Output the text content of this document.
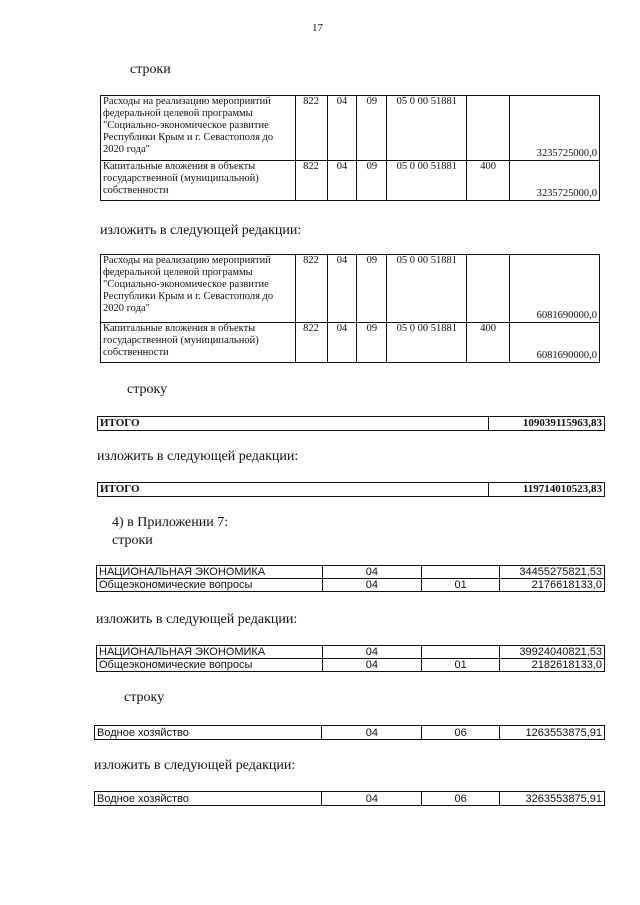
17
строки
Расходы на реализацию мероприятий федеральной целевой программы "Социально-экономическое развитие Республики Крым и г. Севастополя до 2020 года"	822	04	09	05 0 00 51881		3235725000,0
Капитальные вложения в объекты государственной (муниципальной) собственности	822	04	09	05 0 00 51881	400	3235725000,0
изложить в следующей редакции:
Расходы на реализацию мероприятий федеральной целевой программы "Социально-экономическое развитие Республики Крым и г. Севастополя до 2020 года"	822	04	09	05 0 00 51881		6081690000,0
Капитальные вложения в объекты государственной (муниципальной) собственности	822	04	09	05 0 00 51881	400	6081690000,0
строку
ИТОГО	109039115963,83
изложить в следующей редакции:
ИТОГО	119714010523,83
4) в Приложении 7:
строки
НАЦИОНАЛЬНАЯ ЭКОНОМИКА	04		34455275821,53
Общеэкономические вопросы	04	01	2176618133,0
изложить в следующей редакции:
НАЦИОНАЛЬНАЯ ЭКОНОМИКА	04		39924040821,53
Общеэкономические вопросы	04	01	2182618133,0
строку
Водное хозяйство	04	06	1263553875,91
изложить в следующей редакции:
Водное хозяйство	04	06	3263553875,91
